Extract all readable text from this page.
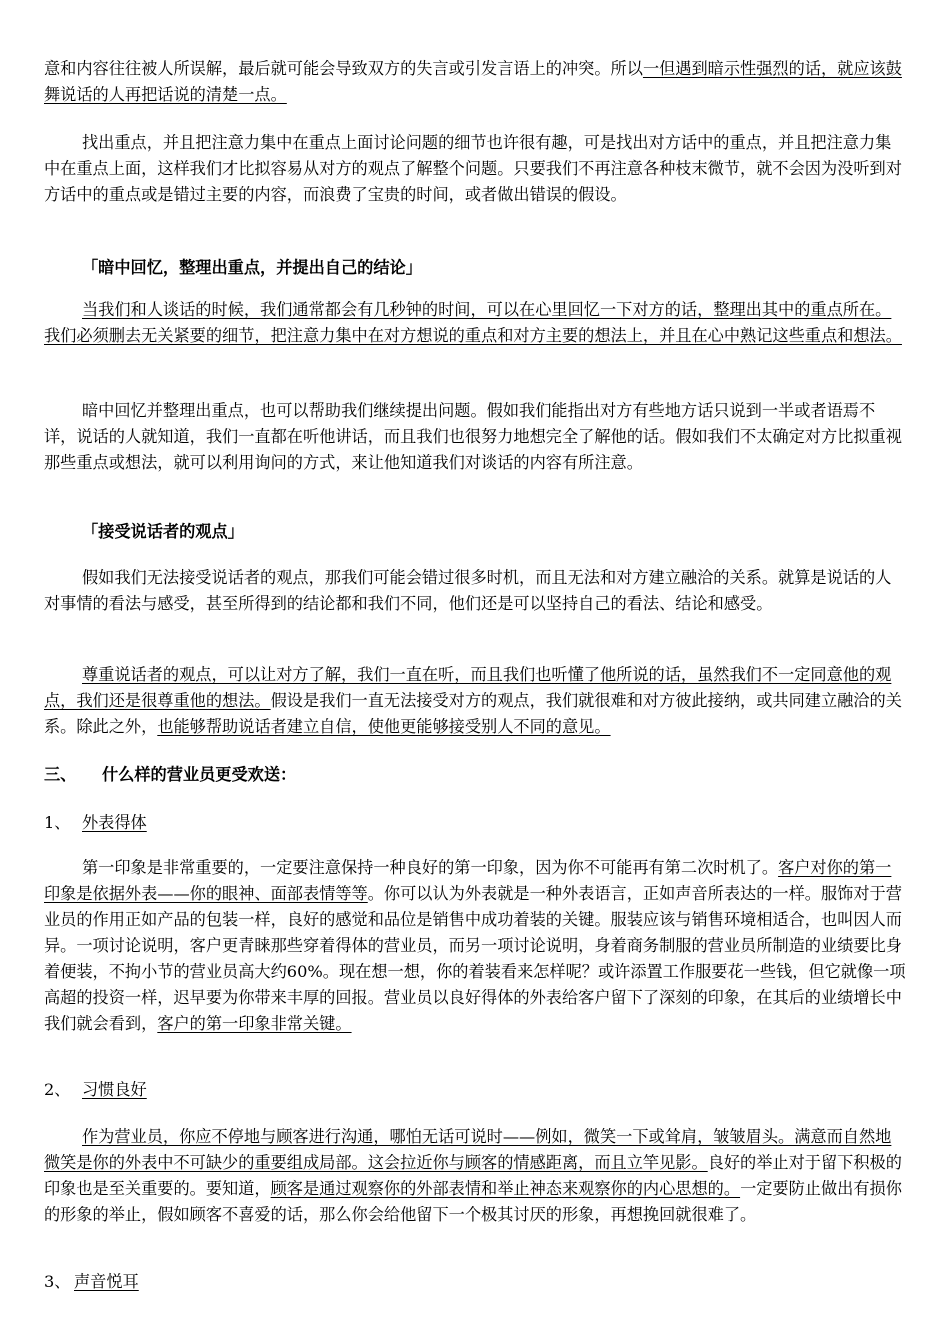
意和内容往往被人所误解，最后就可能会导致双方的失言或引发言语上的冲突。所以一但遇到暗示性强烈的话，就应该鼓舞说话的人再把话说的清楚一点。

找出重点，并且把注意力集中在重点上面讨论问题的细节也许很有趣，可是找出对方话中的重点，并且把注意力集中在重点上面，这样我们才比拟容易从对方的观点了解整个问题。只要我们不再注意各种枝末微节，就不会因为没听到对方话中的重点或是错过主要的内容，而浪费了宝贵的时间，或者做出错误的假设。

「暗中回忆，整理出重点，并提出自己的结论」

当我们和人谈话的时候，我们通常都会有几秒钟的时间，可以在心里回忆一下对方的话，整理出其中的重点所在。我们必须删去无关紧要的细节，把注意力集中在对方想说的重点和对方主要的想法上，并且在心中熟记这些重点和想法。

暗中回忆并整理出重点，也可以帮助我们继续提出问题。假如我们能指出对方有些地方话只说到一半或者语焉不详，说话的人就知道，我们一直都在听他讲话，而且我们也很努力地想完全了解他的话。假如我们不太确定对方比拟重视那些重点或想法，就可以利用询问的方式，来让他知道我们对谈话的内容有所注意。

「接受说话者的观点」

假如我们无法接受说话者的观点，那我们可能会错过很多时机，而且无法和对方建立融洽的关系。就算是说话的人对事情的看法与感受，甚至所得到的结论都和我们不同，他们还是可以坚持自己的看法、结论和感受。

尊重说话者的观点，可以让对方了解，我们一直在听，而且我们也听懂了他所说的话，虽然我们不一定同意他的观点，我们还是很尊重他的想法。假设是我们一直无法接受对方的观点，我们就很难和对方彼此接纳，或共同建立融洽的关系。除此之外，也能够帮助说话者建立自信，使他更能够接受别人不同的意见。

三、 什么样的营业员更受欢送：

1、 外表得体

第一印象是非常重要的，一定要注意保持一种良好的第一印象，因为你不可能再有第二次时机了。客户对你的第一印象是依据外表——你的眼神、面部表情等等。你可以认为外表就是一种外表语言，正如声音所表达的一样。服饰对于营业员的作用正如产品的包装一样，良好的感觉和品位是销售中成功着装的关键。服装应该与销售环境相适合，也叫因人而异。一项讨论说明，客户更青睐那些穿着得体的营业员，而另一项讨论说明，身着商务制服的营业员所制造的业绩要比身着便装，不拘小节的营业员高大约60%。现在想一想，你的着装看来怎样呢？或许添置工作服要花一些钱，但它就像一项高超的投资一样，迟早要为你带来丰厚的回报。营业员以良好得体的外表给客户留下了深刻的印象，在其后的业绩增长中我们就会看到，客户的第一印象非常关键。

2、 习惯良好

作为营业员，你应不停地与顾客进行沟通，哪怕无话可说时——例如，微笑一下或耸肩，皱皱眉头。满意而自然地微笑是你的外表中不可缺少的重要组成局部。这会拉近你与顾客的情感距离，而且立竿见影。良好的举止对于留下积极的印象也是至关重要的。要知道，顾客是通过观察你的外部表情和举止神态来观察你的内心思想的。一定要防止做出有损你的形象的举止，假如顾客不喜爱的话，那么你会给他留下一个极其讨厌的形象，再想挽回就很难了。

3、 声音悦耳
